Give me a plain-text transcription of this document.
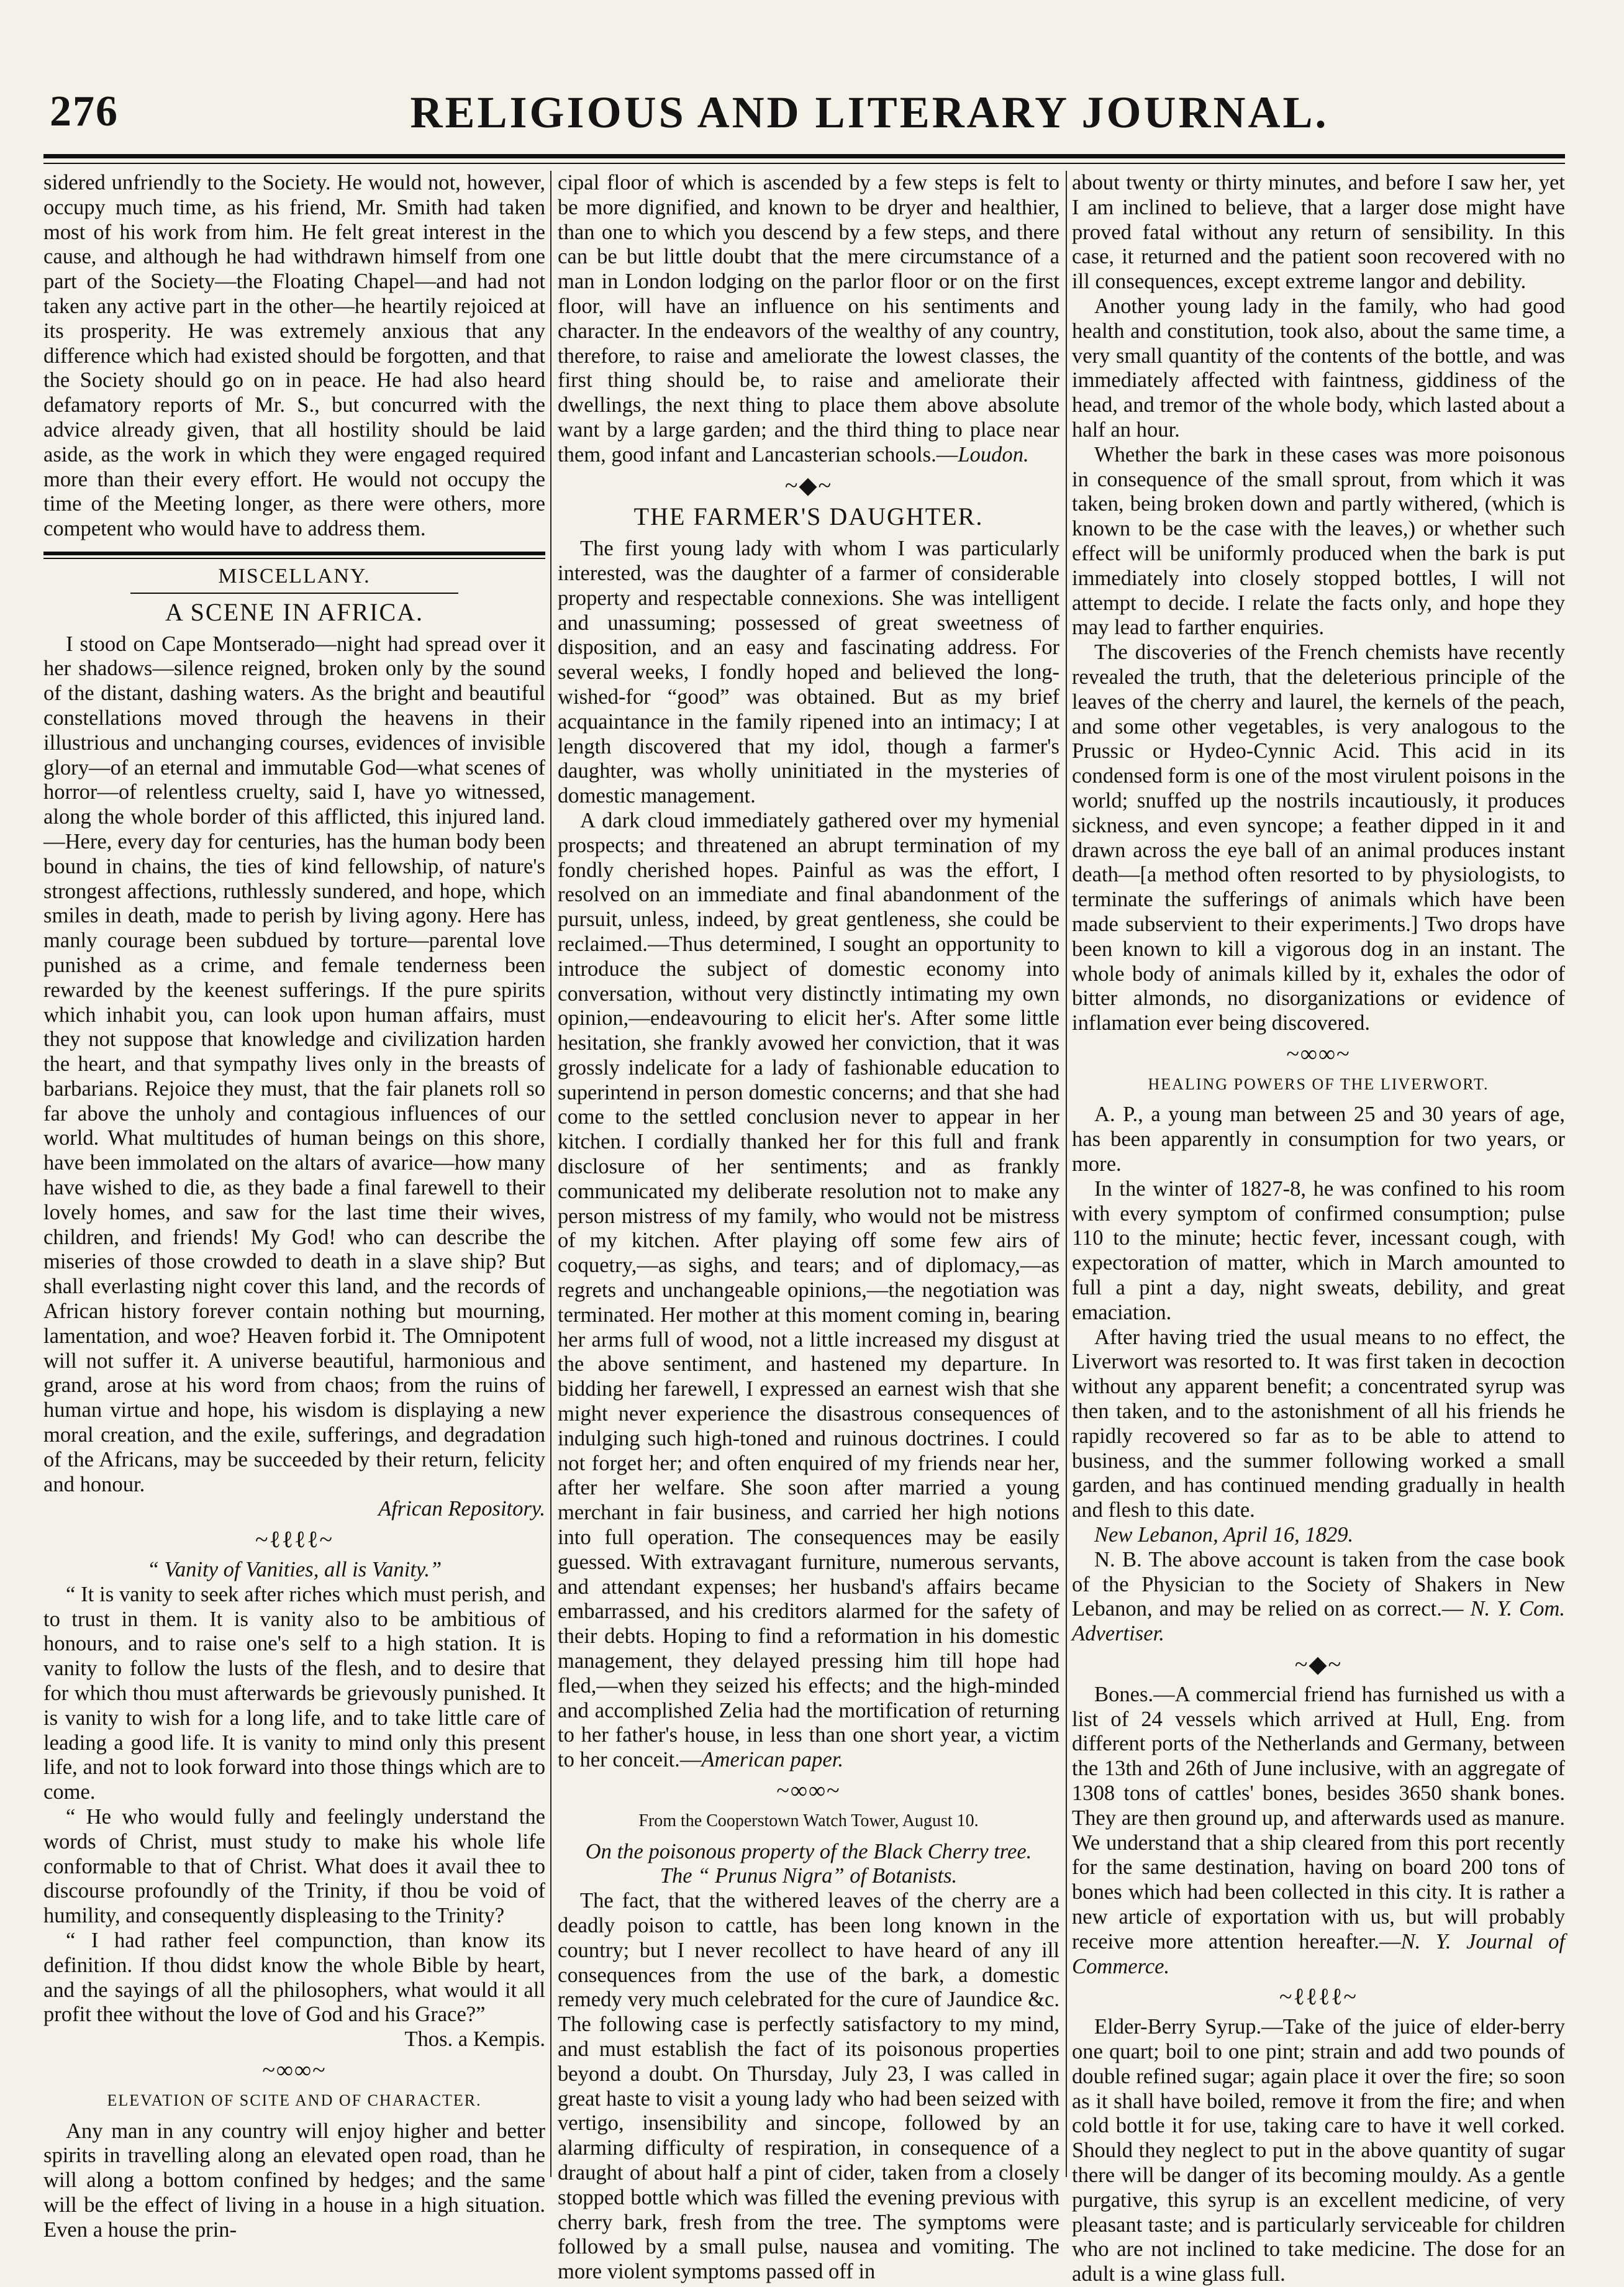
276	RELIGIOUS AND LITERARY JOURNAL.

sidered unfriendly to the Society. He would not, however, occupy much time, as his friend, Mr. Smith had taken most of his work from him. He felt great interest in the cause, and although he had withdrawn himself from one part of the Society—the Floating Chapel—and had not taken any active part in the other—he heartily rejoiced at its prosperity. He was extremely anxious that any difference which had existed should be forgotten, and that the Society should go on in peace. He had also heard defamatory reports of Mr. S., but concurred with the advice already given, that all hostility should be laid aside, as the work in which they were engaged required more than their every effort. He would not occupy the time of the Meeting longer, as there were others, more competent who would have to address them.

MISCELLANY.
A SCENE IN AFRICA.

I stood on Cape Montserado—night had spread over it her shadows—silence reigned, broken only by the sound of the distant, dashing waters. As the bright and beautiful constellations moved through the heavens in their illustrious and unchanging courses, evidences of invisible glory—of an eternal and immutable God—what scenes of horror—of relentless cruelty, said I, have yo witnessed, along the whole border of this afflicted, this injured land.—Here, every day for centuries, has the human body been bound in chains, the ties of kind fellowship, of nature's strongest affections, ruthlessly sundered, and hope, which smiles in death, made to perish by living agony. Here has manly courage been subdued by torture—parental love punished as a crime, and female tenderness been rewarded by the keenest sufferings. If the pure spirits which inhabit you, can look upon human affairs, must they not suppose that knowledge and civilization harden the heart, and that sympathy lives only in the breasts of barbarians. Rejoice they must, that the fair planets roll so far above the unholy and contagious influences of our world. What multitudes of human beings on this shore, have been immolated on the altars of avarice—how many have wished to die, as they bade a final farewell to their lovely homes, and saw for the last time their wives, children, and friends! My God! who can describe the miseries of those crowded to death in a slave ship? But shall everlasting night cover this land, and the records of African history forever contain nothing but mourning, lamentation, and woe? Heaven forbid it. The Omnipotent will not suffer it. A universe beautiful, harmonious and grand, arose at his word from chaos; from the ruins of human virtue and hope, his wisdom is displaying a new moral creation, and the exile, sufferings, and degradation of the Africans, may be succeeded by their return, felicity and honour.

African Repository.

~ℓℓℓℓ~
“ Vanity of Vanities, all is Vanity.”

“ It is vanity to seek after riches which must perish, and to trust in them. It is vanity also to be ambitious of honours, and to raise one's self to a high station. It is vanity to follow the lusts of the flesh, and to desire that for which thou must afterwards be grievously punished. It is vanity to wish for a long life, and to take little care of leading a good life. It is vanity to mind only this present life, and not to look forward into those things which are to come.

“ He who would fully and feelingly understand the words of Christ, must study to make his whole life conformable to that of Christ. What does it avail thee to discourse profoundly of the Trinity, if thou be void of humility, and consequently displeasing to the Trinity?

“ I had rather feel compunction, than know its definition. If thou didst know the whole Bible by heart, and the sayings of all the philosophers, what would it all profit thee without the love of God and his Grace?”

Thos. a Kempis.

~∞∞~
ELEVATION OF SCITE AND OF CHARACTER.

Any man in any country will enjoy higher and better spirits in travelling along an elevated open road, than he will along a bottom confined by hedges; and the same will be the effect of living in a house in a high situation. Even a house the prin-

cipal floor of which is ascended by a few steps is felt to be more dignified, and known to be dryer and healthier, than one to which you descend by a few steps, and there can be but little doubt that the mere circumstance of a man in London lodging on the parlor floor or on the first floor, will have an influence on his sentiments and character. In the endeavors of the wealthy of any country, therefore, to raise and ameliorate the lowest classes, the first thing should be, to raise and ameliorate their dwellings, the next thing to place them above absolute want by a large garden; and the third thing to place near them, good infant and Lancasterian schools.—Loudon.

~◆~
THE FARMER'S DAUGHTER.

The first young lady with whom I was particularly interested, was the daughter of a farmer of considerable property and respectable connexions. She was intelligent and unassuming; possessed of great sweetness of disposition, and an easy and fascinating address. For several weeks, I fondly hoped and believed the long-wished-for “good” was obtained. But as my brief acquaintance in the family ripened into an intimacy; I at length discovered that my idol, though a farmer's daughter, was wholly uninitiated in the mysteries of domestic management.

A dark cloud immediately gathered over my hymenial prospects; and threatened an abrupt termination of my fondly cherished hopes. Painful as was the effort, I resolved on an immediate and final abandonment of the pursuit, unless, indeed, by great gentleness, she could be reclaimed.—Thus determined, I sought an opportunity to introduce the subject of domestic economy into conversation, without very distinctly intimating my own opinion,—endeavouring to elicit her's. After some little hesitation, she frankly avowed her conviction, that it was grossly indelicate for a lady of fashionable education to superintend in person domestic concerns; and that she had come to the settled conclusion never to appear in her kitchen. I cordially thanked her for this full and frank disclosure of her sentiments; and as frankly communicated my deliberate resolution not to make any person mistress of my family, who would not be mistress of my kitchen. After playing off some few airs of coquetry,—as sighs, and tears; and of diplomacy,—as regrets and unchangeable opinions,—the negotiation was terminated. Her mother at this moment coming in, bearing her arms full of wood, not a little increased my disgust at the above sentiment, and hastened my departure. In bidding her farewell, I expressed an earnest wish that she might never experience the disastrous consequences of indulging such high-toned and ruinous doctrines. I could not forget her; and often enquired of my friends near her, after her welfare. She soon after married a young merchant in fair business, and carried her high notions into full operation. The consequences may be easily guessed. With extravagant furniture, numerous servants, and attendant expenses; her husband's affairs became embarrassed, and his creditors alarmed for the safety of their debts. Hoping to find a reformation in his domestic management, they delayed pressing him till hope had fled,—when they seized his effects; and the high-minded and accomplished Zelia had the mortification of returning to her father's house, in less than one short year, a victim to her conceit.—American paper.

~∞∞~
From the Cooperstown Watch Tower, August 10.
On the poisonous property of the Black Cherry tree.
The “ Prunus Nigra” of Botanists.

The fact, that the withered leaves of the cherry are a deadly poison to cattle, has been long known in the country; but I never recollect to have heard of any ill consequences from the use of the bark, a domestic remedy very much celebrated for the cure of Jaundice &c. The following case is perfectly satisfactory to my mind, and must establish the fact of its poisonous properties beyond a doubt. On Thursday, July 23, I was called in great haste to visit a young lady who had been seized with vertigo, insensibility and sincope, followed by an alarming difficulty of respiration, in consequence of a draught of about half a pint of cider, taken from a closely stopped bottle which was filled the evening previous with cherry bark, fresh from the tree. The symptoms were followed by a small pulse, nausea and vomiting. The more violent symptoms passed off in

about twenty or thirty minutes, and before I saw her, yet I am inclined to believe, that a larger dose might have proved fatal without any return of sensibility. In this case, it returned and the patient soon recovered with no ill consequences, except extreme langor and debility.

Another young lady in the family, who had good health and constitution, took also, about the same time, a very small quantity of the contents of the bottle, and was immediately affected with faintness, giddiness of the head, and tremor of the whole body, which lasted about a half an hour.

Whether the bark in these cases was more poisonous in consequence of the small sprout, from which it was taken, being broken down and partly withered, (which is known to be the case with the leaves,) or whether such effect will be uniformly produced when the bark is put immediately into closely stopped bottles, I will not attempt to decide. I relate the facts only, and hope they may lead to farther enquiries.

The discoveries of the French chemists have recently revealed the truth, that the deleterious principle of the leaves of the cherry and laurel, the kernels of the peach, and some other vegetables, is very analogous to the Prussic or Hydeo-Cynnic Acid. This acid in its condensed form is one of the most virulent poisons in the world; snuffed up the nostrils incautiously, it produces sickness, and even syncope; a feather dipped in it and drawn across the eye ball of an animal produces instant death—[a method often resorted to by physiologists, to terminate the sufferings of animals which have been made subservient to their experiments.] Two drops have been known to kill a vigorous dog in an instant. The whole body of animals killed by it, exhales the odor of bitter almonds, no disorganizations or evidence of inflamation ever being discovered.

~∞∞~
HEALING POWERS OF THE LIVERWORT.

A. P., a young man between 25 and 30 years of age, has been apparently in consumption for two years, or more.

In the winter of 1827-8, he was confined to his room with every symptom of confirmed consumption; pulse 110 to the minute; hectic fever, incessant cough, with expectoration of matter, which in March amounted to full a pint a day, night sweats, debility, and great emaciation.

After having tried the usual means to no effect, the Liverwort was resorted to. It was first taken in decoction without any apparent benefit; a concentrated syrup was then taken, and to the astonishment of all his friends he rapidly recovered so far as to be able to attend to business, and the summer following worked a small garden, and has continued mending gradually in health and flesh to this date.

New Lebanon, April 16, 1829.

N. B. The above account is taken from the case book of the Physician to the Society of Shakers in New Lebanon, and may be relied on as correct.— N. Y. Com. Advertiser.

~◆~

Bones.—A commercial friend has furnished us with a list of 24 vessels which arrived at Hull, Eng. from different ports of the Netherlands and Germany, between the 13th and 26th of June inclusive, with an aggregate of 1308 tons of cattles' bones, besides 3650 shank bones. They are then ground up, and afterwards used as manure. We understand that a ship cleared from this port recently for the same destination, having on board 200 tons of bones which had been collected in this city. It is rather a new article of exportation with us, but will probably receive more attention hereafter.—N. Y. Journal of Commerce.

~ℓℓℓℓ~

Elder-Berry Syrup.—Take of the juice of elder-berry one quart; boil to one pint; strain and add two pounds of double refined sugar; again place it over the fire; so soon as it shall have boiled, remove it from the fire; and when cold bottle it for use, taking care to have it well corked. Should they neglect to put in the above quantity of sugar there will be danger of its becoming mouldy. As a gentle purgative, this syrup is an excellent medicine, of very pleasant taste; and is particularly serviceable for children who are not inclined to take medicine. The dose for an adult is a wine glass full.
